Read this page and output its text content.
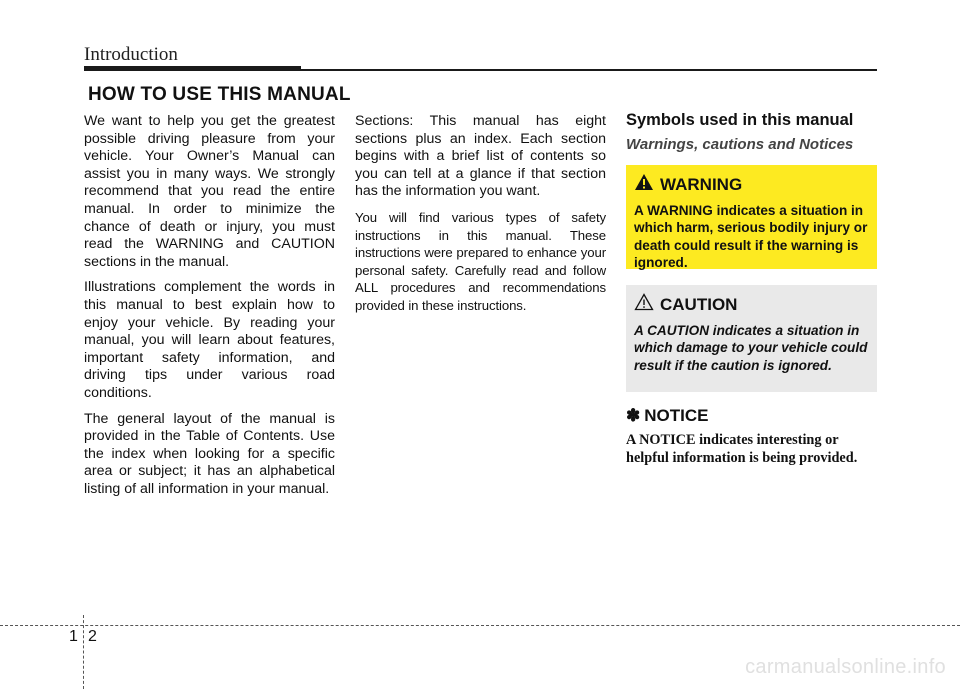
Introduction
HOW TO USE THIS MANUAL

We want to help you get the greatest possible driving pleasure from your vehicle. Your Owner’s Manual can assist you in many ways. We strongly recommend that you read the entire manual. In order to minimize the chance of death or injury, you must read the WARNING and CAUTION sections in the manual.

Illustrations complement the words in this manual to best explain how to enjoy your vehicle. By reading your manual, you will learn about features, important safety information, and driving tips under various road conditions.

The general layout of the manual is provided in the Table of Contents. Use the index when looking for a specific area or subject; it has an alphabetical listing of all information in your manual.

Sections: This manual has eight sections plus an index. Each section begins with a brief list of contents so you can tell at a glance if that section has the information you want.

You will find various types of safety instructions in this manual. These instructions were prepared to enhance your personal safety. Carefully read and follow ALL procedures and recommendations provided in these instructions.

Symbols used in this manual
Warnings, cautions and Notices
WARNING
A WARNING indicates a situation in which harm, serious bodily injury or death could result if the warning is ignored.
CAUTION
A CAUTION indicates a situation in which damage to your vehicle could result if the caution is ignored.
✽ NOTICE
A NOTICE indicates interesting or helpful information is being provided.
1 2
carmanualsonline.info
